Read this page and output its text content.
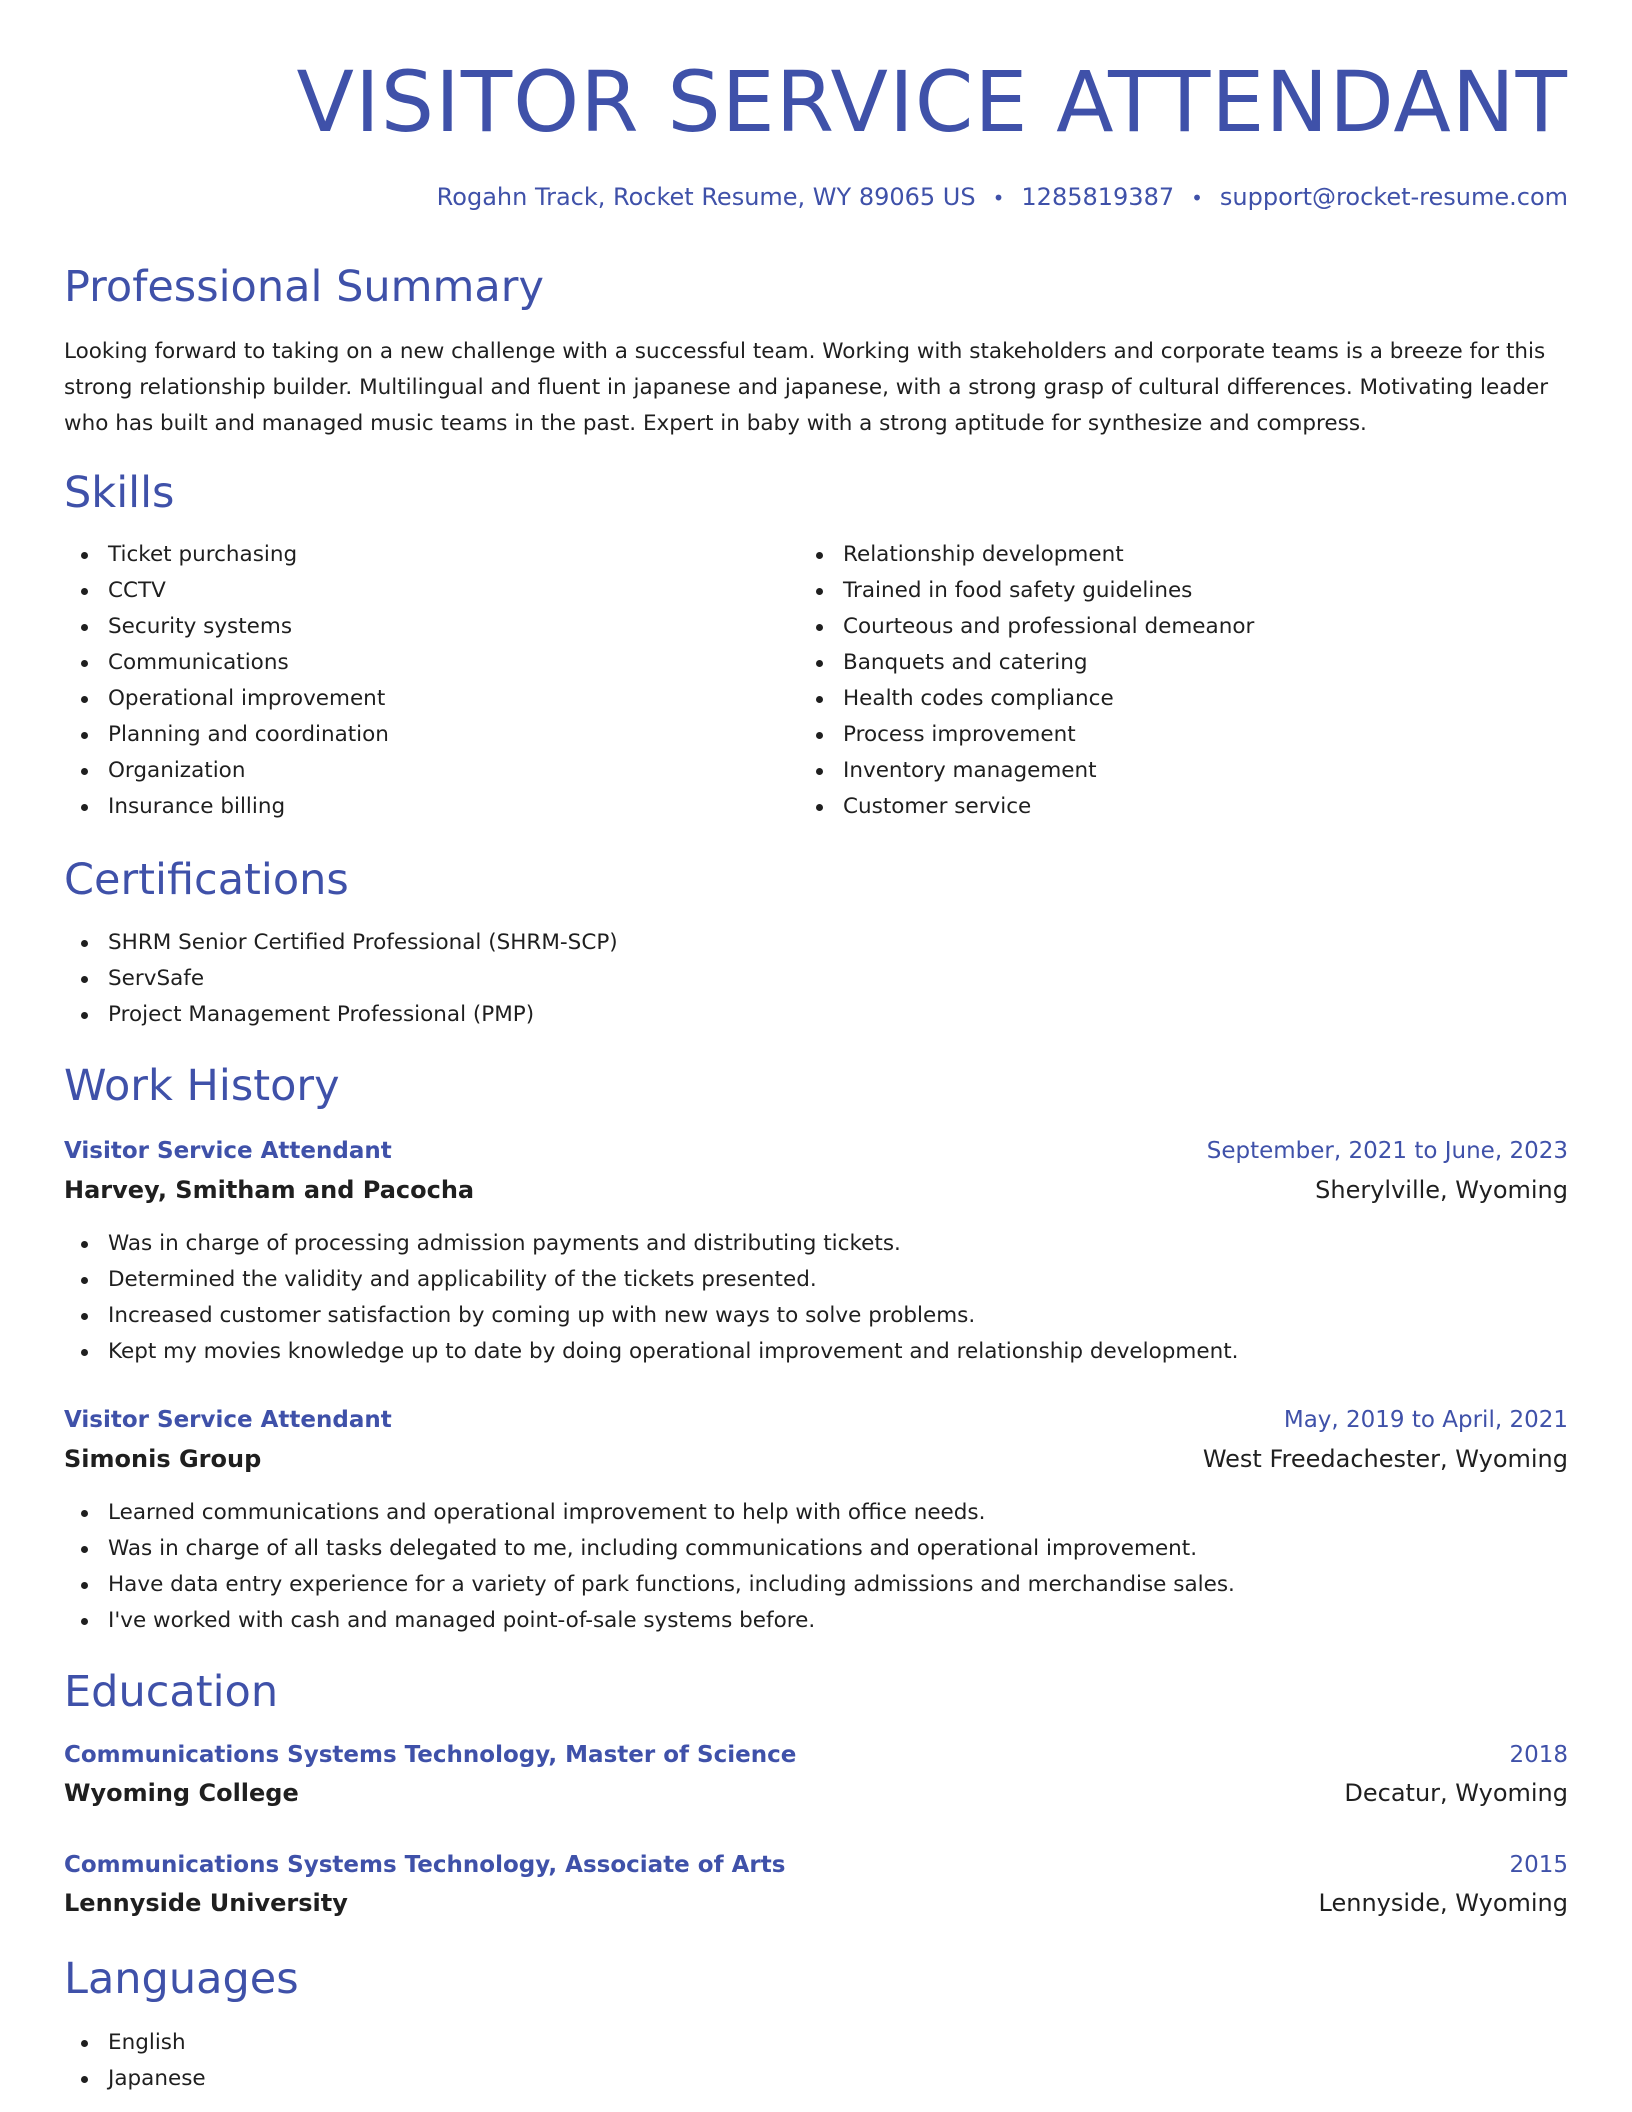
VISITOR SERVICE ATTENDANT
Rogahn Track, Rocket Resume, WY 89065 US • 1285819387 • support@rocket-resume.com
Professional Summary

Looking forward to taking on a new challenge with a successful team. Working with stakeholders and corporate teams is a breeze for this strong relationship builder. Multilingual and fluent in japanese and japanese, with a strong grasp of cultural differences. Motivating leader who has built and managed music teams in the past. Expert in baby with a strong aptitude for synthesize and compress.

Skills
Ticket purchasing
CCTV
Security systems
Communications
Operational improvement
Planning and coordination
Organization
Insurance billing
Relationship development
Trained in food safety guidelines
Courteous and professional demeanor
Banquets and catering
Health codes compliance
Process improvement
Inventory management
Customer service
Certifications
SHRM Senior Certified Professional (SHRM-SCP)
ServSafe
Project Management Professional (PMP)
Work History
Visitor Service Attendant	September, 2021 to June, 2023
Harvey, Smitham and Pacocha	Sherylville, Wyoming
Was in charge of processing admission payments and distributing tickets.
Determined the validity and applicability of the tickets presented.
Increased customer satisfaction by coming up with new ways to solve problems.
Kept my movies knowledge up to date by doing operational improvement and relationship development.
Visitor Service Attendant	May, 2019 to April, 2021
Simonis Group	West Freedachester, Wyoming
Learned communications and operational improvement to help with office needs.
Was in charge of all tasks delegated to me, including communications and operational improvement.
Have data entry experience for a variety of park functions, including admissions and merchandise sales.
I've worked with cash and managed point-of-sale systems before.
Education
Communications Systems Technology, Master of Science	2018
Wyoming College	Decatur, Wyoming
Communications Systems Technology, Associate of Arts	2015
Lennyside University	Lennyside, Wyoming
Languages
English
Japanese
